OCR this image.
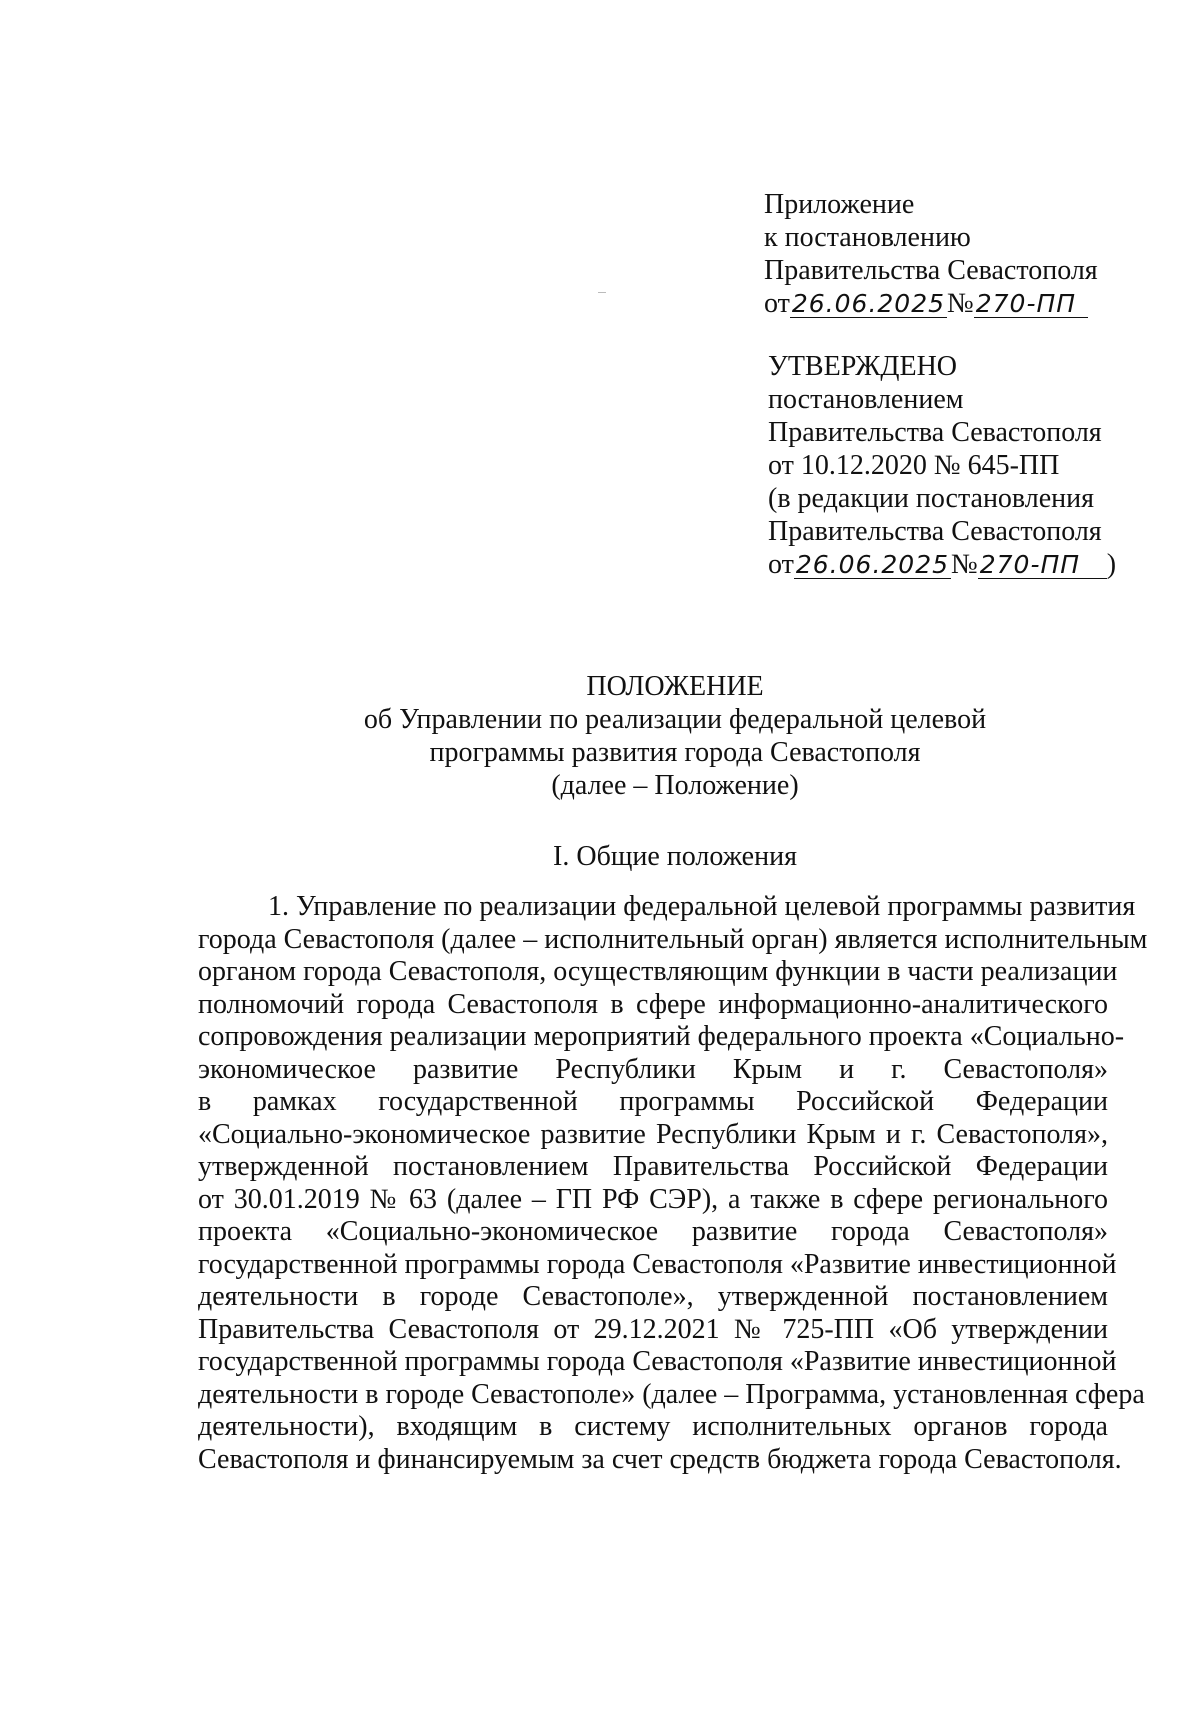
Приложение
к постановлению
Правительства Севастополя
от26.06.2025№270-ПП
УТВЕРЖДЕНО
постановлением
Правительства Севастополя
от 10.12.2020 № 645-ПП
(в редакции постановления
Правительства Севастополя
от26.06.2025№270-ПП )
ПОЛОЖЕНИЕ
об Управлении по реализации федеральной целевой
программы развития города Севастополя
(далее – Положение)
I. Общие положения
1. Управление по реализации федеральной целевой программы развития
города Севастополя (далее – исполнительный орган) является исполнительным
органом города Севастополя, осуществляющим функции в части реализации
полномочий города Севастополя в сфере информационно-аналитического
сопровождения реализации мероприятий федерального проекта «Социально-
экономическое развитие Республики Крым и г. Севастополя»
в рамках государственной программы Российской Федерации
«Социально-экономическое развитие Республики Крым и г. Севастополя»,
утвержденной постановлением Правительства Российской Федерации
от 30.01.2019 № 63 (далее – ГП РФ СЭР), а также в сфере регионального
проекта «Социально-экономическое развитие города Севастополя»
государственной программы города Севастополя «Развитие инвестиционной
деятельности в городе Севастополе», утвержденной постановлением
Правительства Севастополя от 29.12.2021 № 725-ПП «Об утверждении
государственной программы города Севастополя «Развитие инвестиционной
деятельности в городе Севастополе» (далее – Программа, установленная сфера
деятельности), входящим в систему исполнительных органов города
Севастополя и финансируемым за счет средств бюджета города Севастополя.
